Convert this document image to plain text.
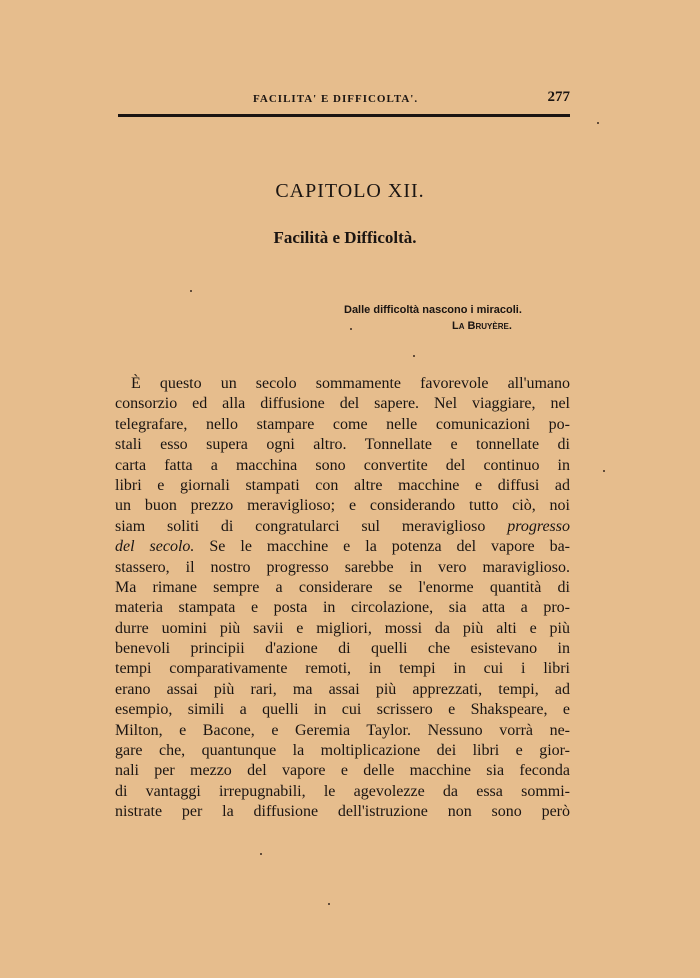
FACILITA' E DIFFICOLTA'.	277
CAPITOLO XII.
Facilità e Difficoltà.
Dalle difficoltà nascono i miracoli.
La Bruyère.
È questo un secolo sommamente favorevole all'umano
consorzio ed alla diffusione del sapere. Nel viaggiare, nel
telegrafare, nello stampare come nelle comunicazioni po-
stali esso supera ogni altro. Tonnellate e tonnellate di
carta fatta a macchina sono convertite del continuo in
libri e giornali stampati con altre macchine e diffusi ad
un buon prezzo meraviglioso; e considerando tutto ciò, noi
siam soliti di congratularci sul meraviglioso progresso
del secolo. Se le macchine e la potenza del vapore ba-
stassero, il nostro progresso sarebbe in vero maraviglioso.
Ma rimane sempre a considerare se l'enorme quantità di
materia stampata e posta in circolazione, sia atta a pro-
durre uomini più savii e migliori, mossi da più alti e più
benevoli principii d'azione di quelli che esistevano in
tempi comparativamente remoti, in tempi in cui i libri
erano assai più rari, ma assai più apprezzati, tempi, ad
esempio, simili a quelli in cui scrissero e Shakspeare, e
Milton, e Bacone, e Geremia Taylor. Nessuno vorrà ne-
gare che, quantunque la moltiplicazione dei libri e gior-
nali per mezzo del vapore e delle macchine sia feconda
di vantaggi irrepugnabili, le agevolezze da essa sommi-
nistrate per la diffusione dell'istruzione non sono però
